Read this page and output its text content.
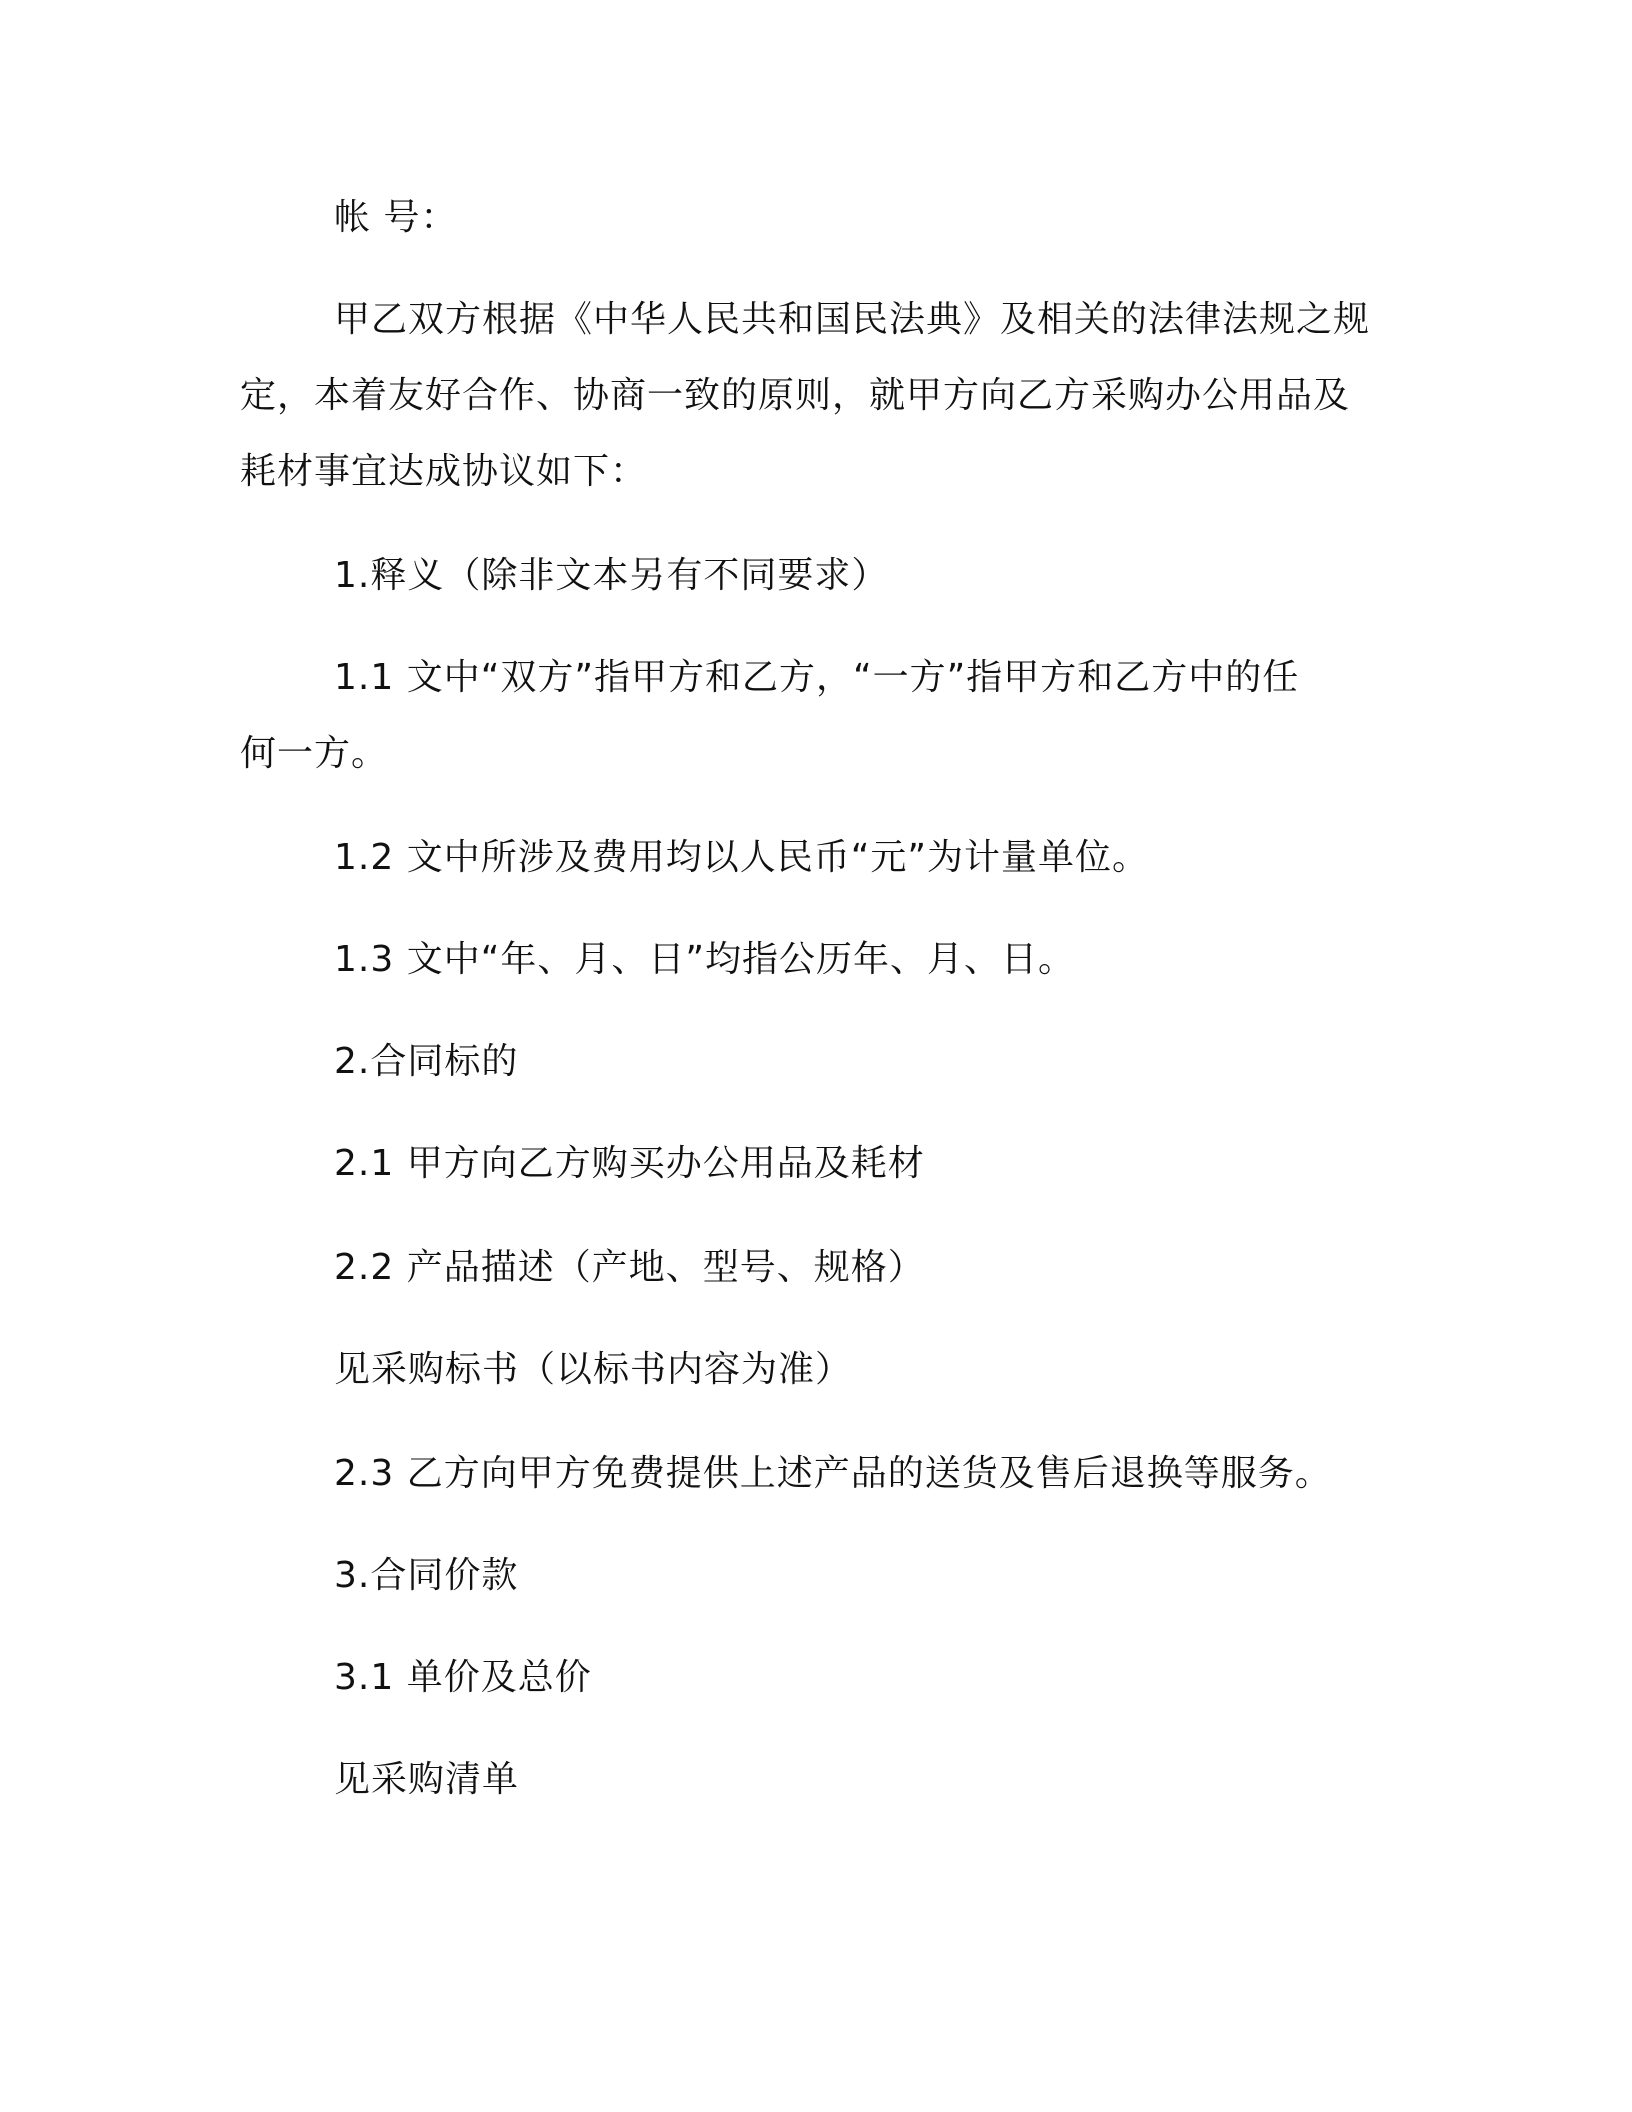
帐 号：
甲乙双方根据《中华人民共和国民法典》及相关的法律法规之规
定，本着友好合作、协商一致的原则，就甲方向乙方采购办公用品及
耗材事宜达成协议如下：
1.释义（除非文本另有不同要求）
1.1 文中“双方”指甲方和乙方，“一方”指甲方和乙方中的任
何一方。
1.2 文中所涉及费用均以人民币“元”为计量单位。
1.3 文中“年、月、日”均指公历年、月、日。
2.合同标的
2.1 甲方向乙方购买办公用品及耗材
2.2 产品描述（产地、型号、规格）
见采购标书（以标书内容为准）
2.3 乙方向甲方免费提供上述产品的送货及售后退换等服务。
3.合同价款
3.1 单价及总价
见采购清单
